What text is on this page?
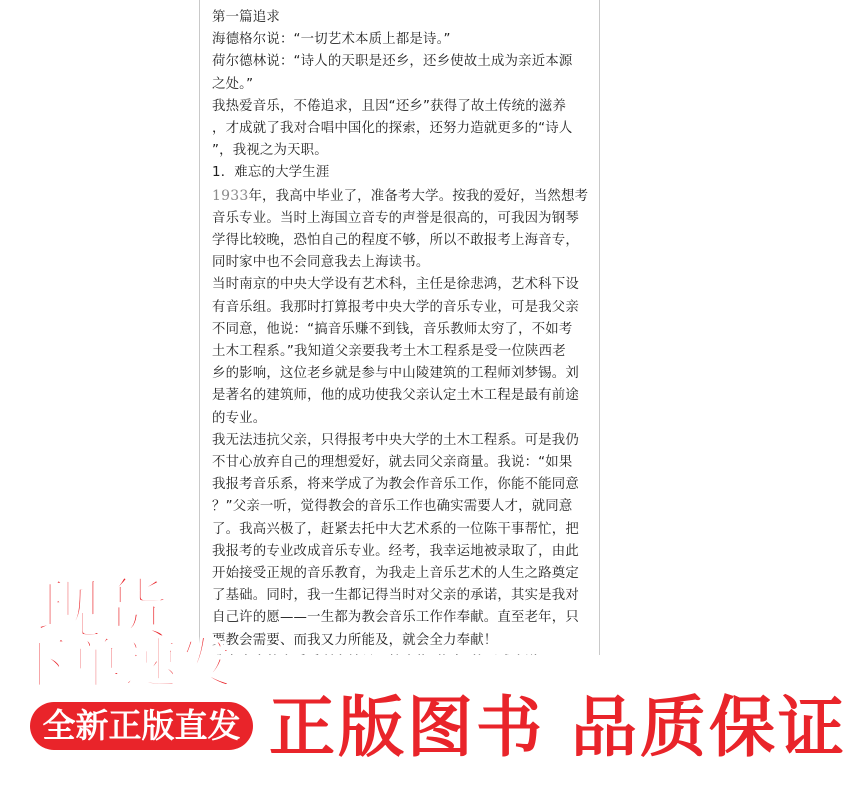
第一篇追求

海德格尔说：“一切艺术本质上都是诗。”

荷尔德林说：“诗人的天职是还乡，还乡使故土成为亲近本源

之处。”

我热爱音乐，不倦追求，且因“还乡”获得了故土传统的滋养

，才成就了我对合唱中国化的探索，还努力造就更多的“诗人

”，我视之为天职。

1．难忘的大学生涯

1933年，我高中毕业了，准备考大学。按我的爱好，当然想考

音乐专业。当时上海国立音专的声誉是很高的，可我因为钢琴

学得比较晚，恐怕自己的程度不够，所以不敢报考上海音专，

同时家中也不会同意我去上海读书。

当时南京的中央大学设有艺术科，主任是徐悲鸿，艺术科下设

有音乐组。我那时打算报考中央大学的音乐专业，可是我父亲

不同意，他说：“搞音乐赚不到钱，音乐教师太穷了，不如考

土木工程系。”我知道父亲要我考土木工程系是受一位陕西老

乡的影响，这位老乡就是参与中山陵建筑的工程师刘梦锡。刘

是著名的建筑师，他的成功使我父亲认定土木工程是最有前途

的专业。

我无法违抗父亲，只得报考中央大学的土木工程系。可是我仍

不甘心放弃自己的理想爱好，就去同父亲商量。我说：“如果

我报考音乐系，将来学成了为教会作音乐工作，你能不能同意

？”父亲一听，觉得教会的音乐工作也确实需要人才，就同意

了。我高兴极了，赶紧去托中大艺术系的一位陈干事帮忙，把

我报考的专业改成音乐专业。经考，我幸运地被录取了，由此

开始接受正规的音乐教育，为我走上音乐艺术的人生之路奠定

了基础。同时，我一生都记得当时对父亲的承诺，其实是我对

自己许的愿——一生都为教会音乐工作作奉献。直至老年，只

要教会需要、而我又力所能及，就会全力奉献！

现货
下单速发
全新正版直发 正版图书 品质保证
